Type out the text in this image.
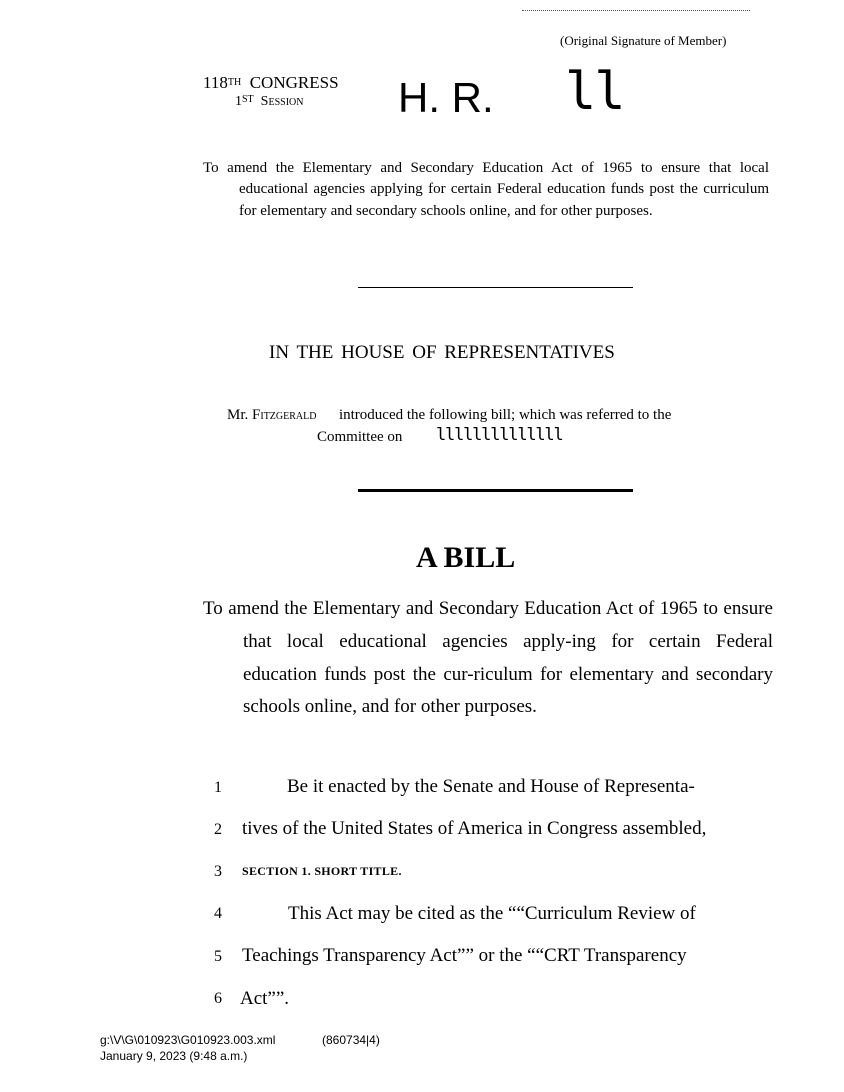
(Original Signature of Member)
118TH CONGRESS
1ST SESSION H. R. ll
To amend the Elementary and Secondary Education Act of 1965 to ensure that local educational agencies applying for certain Federal education funds post the curriculum for elementary and secondary schools online, and for other purposes.
IN THE HOUSE OF REPRESENTATIVES
Mr. FITZGERALD introduced the following bill; which was referred to the
Committee on llllllllllllll
A BILL
To amend the Elementary and Secondary Education Act of 1965 to ensure that local educational agencies apply-ing for certain Federal education funds post the cur-riculum for elementary and secondary schools online, and for other purposes.
1	Be it enacted by the Senate and House of Representa-
2 tives of the United States of America in Congress assembled,
3 SECTION 1. SHORT TITLE.
4	This Act may be cited as the ““Curriculum Review of
5 Teachings Transparency Act”” or the ““CRT Transparency
6 Act””.
g:\V\G\010923\G010923.003.xml	(860734|4)
January 9, 2023 (9:48 a.m.)
